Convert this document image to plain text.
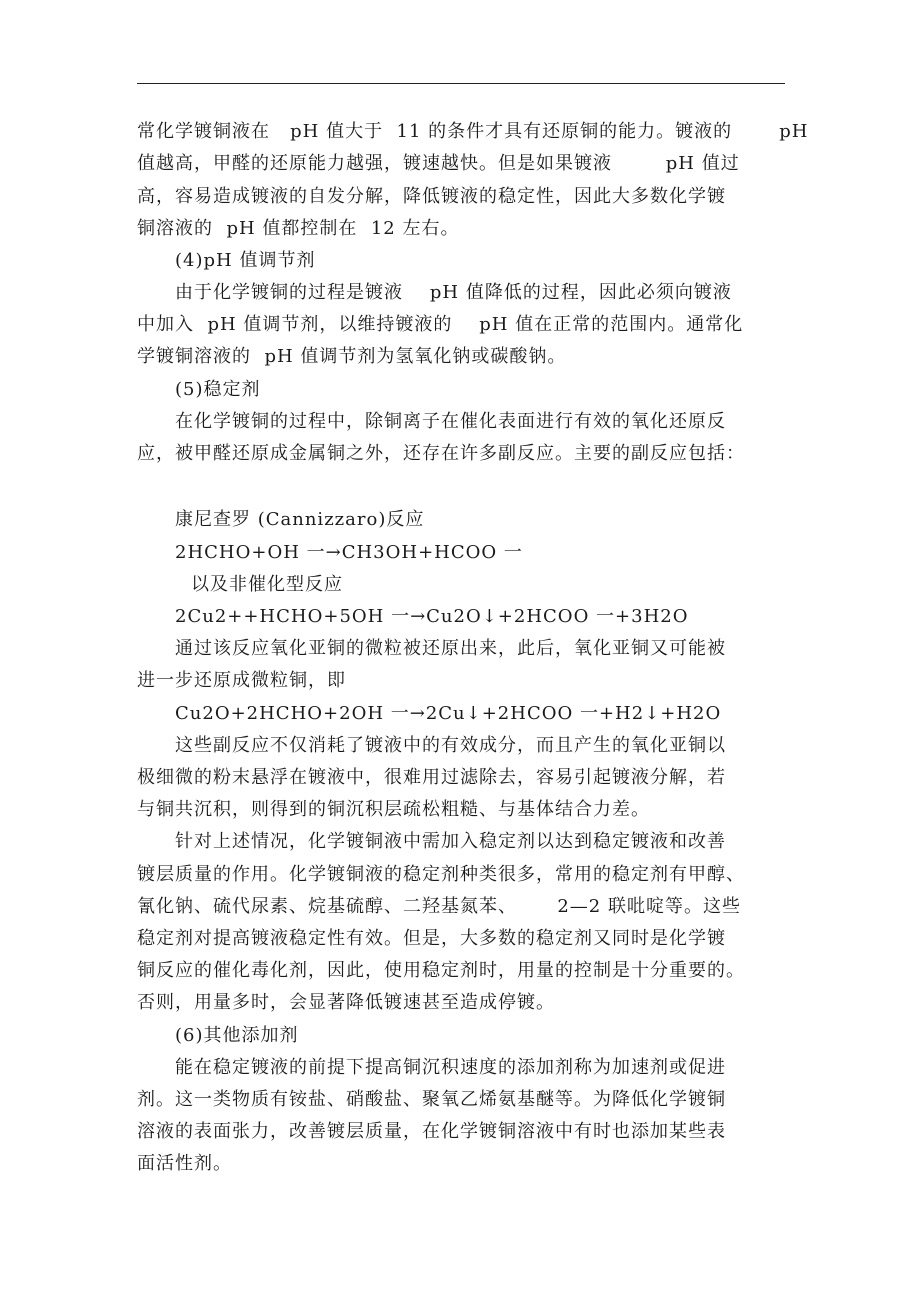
常化学镀铜液在   pH 值大于  11 的条件才具有还原铜的能力。镀液的       pH
值越高，甲醛的还原能力越强，镀速越快。但是如果镀液        pH 值过
高，容易造成镀液的自发分解，降低镀液的稳定性，因此大多数化学镀
铜溶液的  pH 值都控制在  12 左右。
(4)pH 值调节剂
由于化学镀铜的过程是镀液    pH 值降低的过程，因此必须向镀液
中加入  pH 值调节剂，以维持镀液的    pH 值在正常的范围内。通常化
学镀铜溶液的  pH 值调节剂为氢氧化钠或碳酸钠。
(5)稳定剂
在化学镀铜的过程中，除铜离子在催化表面进行有效的氧化还原反
应，被甲醛还原成金属铜之外，还存在许多副反应。主要的副反应包括：
康尼查罗 (Cannizzaro)反应
2HCHO+OH 一→CH3OH+HCOO 一
以及非催化型反应
2Cu2++HCHO+5OH 一→Cu2O↓+2HCOO 一+3H2O
通过该反应氧化亚铜的微粒被还原出来，此后，氧化亚铜又可能被
进一步还原成微粒铜，即
Cu2O+2HCHO+2OH 一→2Cu↓+2HCOO 一+H2↓+H2O
这些副反应不仅消耗了镀液中的有效成分，而且产生的氧化亚铜以
极细微的粉末悬浮在镀液中，很难用过滤除去，容易引起镀液分解，若
与铜共沉积，则得到的铜沉积层疏松粗糙、与基体结合力差。
针对上述情况，化学镀铜液中需加入稳定剂以达到稳定镀液和改善
镀层质量的作用。化学镀铜液的稳定剂种类很多，常用的稳定剂有甲醇、
氰化钠、硫代尿素、烷基硫醇、二羟基氮苯、      2—2 联吡啶等。这些
稳定剂对提高镀液稳定性有效。但是，大多数的稳定剂又同时是化学镀
铜反应的催化毒化剂，因此，使用稳定剂时，用量的控制是十分重要的。
否则，用量多时，会显著降低镀速甚至造成停镀。
(6)其他添加剂
能在稳定镀液的前提下提高铜沉积速度的添加剂称为加速剂或促进
剂。这一类物质有铵盐、硝酸盐、聚氧乙烯氨基醚等。为降低化学镀铜
溶液的表面张力，改善镀层质量，在化学镀铜溶液中有时也添加某些表
面活性剂。
